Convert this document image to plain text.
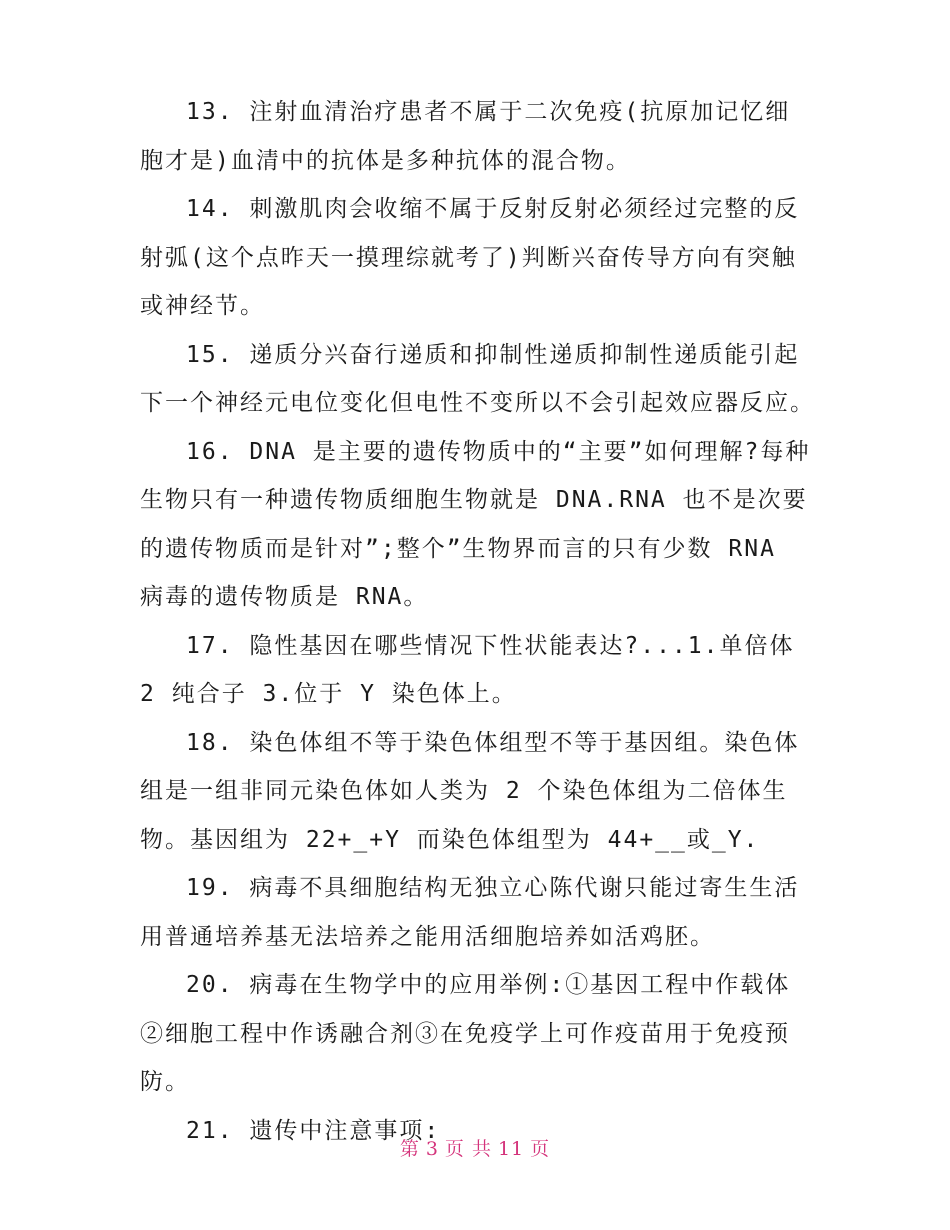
13. 注射血清治疗患者不属于二次免疫(抗原加记忆细胞才是)血清中的抗体是多种抗体的混合物。

14. 刺激肌肉会收缩不属于反射反射必须经过完整的反射弧(这个点昨天一摸理综就考了)判断兴奋传导方向有突触或神经节。

15. 递质分兴奋行递质和抑制性递质抑制性递质能引起下一个神经元电位变化但电性不变所以不会引起效应器反应。

16. DNA 是主要的遗传物质中的“主要”如何理解?每种生物只有一种遗传物质细胞生物就是 DNA.RNA 也不是次要的遗传物质而是针对”;整个”生物界而言的只有少数 RNA 病毒的遗传物质是 RNA。

17. 隐性基因在哪些情况下性状能表达?...1.单倍体 2 纯合子 3.位于 Y 染色体上。

18. 染色体组不等于染色体组型不等于基因组。染色体组是一组非同元染色体如人类为 2 个染色体组为二倍体生物。基因组为 22+_+Y 而染色体组型为 44+__或_Y.

19. 病毒不具细胞结构无独立心陈代谢只能过寄生生活用普通培养基无法培养之能用活细胞培养如活鸡胚。

20. 病毒在生物学中的应用举例:①基因工程中作载体②细胞工程中作诱融合剂③在免疫学上可作疫苗用于免疫预防。

21. 遗传中注意事项:

第 3 页 共 11 页
